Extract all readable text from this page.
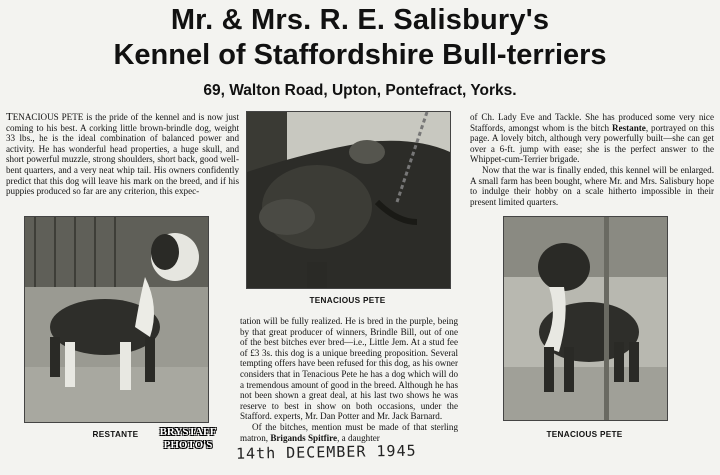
Mr. & Mrs. R. E. Salisbury's
Kennel of Staffordshire Bull-terriers
69, Walton Road, Upton, Pontefract, Yorks.
TENACIOUS PETE is the pride of the kennel and is now just coming to his best. A corking little brown-brindle dog, weight 33 lbs., he is the ideal combination of balanced power and activity. He has wonderful head properties, a huge skull, and short powerful muzzle, strong shoulders, short back, good well-bent quarters, and a very neat whip tail. His owners confidently predict that this dog will leave his mark on the breed, and if his puppies produced so far are any criterion, this expec-
RESTANTE
TENACIOUS PETE
tation will be fully realized. He is bred in the purple, being by that great producer of winners, Brindle Bill, out of one of the best bitches ever bred—i.e., Little Jem. At a stud fee of £3 3s. this dog is a unique breeding proposition. Several tempting offers have been refused for this dog, as his owner considers that in Tenacious Pete he has a dog which will do a tremendous amount of good in the breed. Although he has not been shown a great deal, at his last two shows he was reserve to best in show on both occasions, under the Stafford. experts, Mr. Dan Potter and Mr. Jack Barnard.
Of the bitches, mention must be made of that sterling matron, Brigands Spitfire, a daughter
of Ch. Lady Eve and Tackle. She has produced some very nice Staffords, amongst whom is the bitch Restante, portrayed on this page. A lovely bitch, although very powerfully built—she can get over a 6-ft. jump with ease; she is the perfect answer to the Whippet-cum-Terrier brigade.
Now that the war is finally ended, this kennel will be enlarged. A small farm has been bought, where Mr. and Mrs. Salisbury hope to indulge their hobby on a scale hitherto impossible in their present limited quarters.
TENACIOUS PETE
BRYSTAFF
PHOTO'S	14th DECEMBER 1945
